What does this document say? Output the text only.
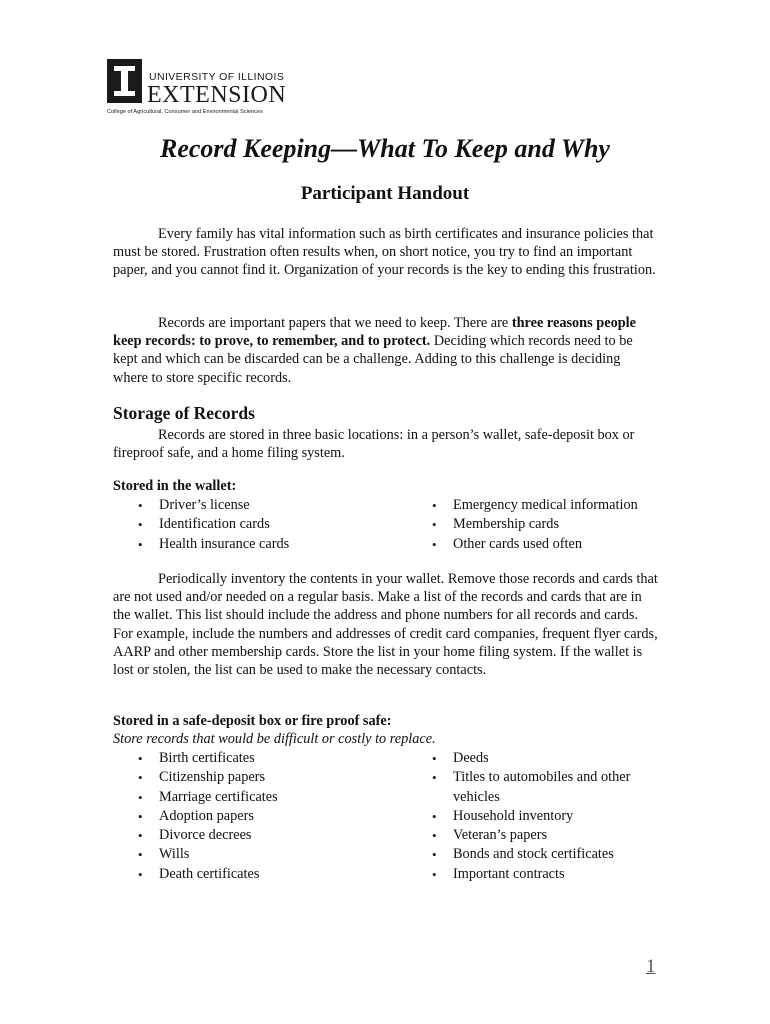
UNIVERSITY OF ILLINOIS
EXTENSION
College of Agricultural, Consumer and Environmental Sciences
Record Keeping—What To Keep and Why
Participant Handout

Every family has vital information such as birth certificates and insurance policies that must be stored. Frustration often results when, on short notice, you try to find an important paper, and you cannot find it. Organization of your records is the key to ending this frustration.

Records are important papers that we need to keep. There are three reasons people keep records: to prove, to remember, and to protect. Deciding which records need to be kept and which can be discarded can be a challenge. Adding to this challenge is deciding where to store specific records.

Storage of Records

Records are stored in three basic locations: in a person’s wallet, safe-deposit box or fireproof safe, and a home filing system.

Stored in the wallet:
• Driver’s license
• Identification cards
• Health insurance cards
• Emergency medical information
• Membership cards
• Other cards used often

Periodically inventory the contents in your wallet. Remove those records and cards that are not used and/or needed on a regular basis. Make a list of the records and cards that are in the wallet. This list should include the address and phone numbers for all records and cards. For example, include the numbers and addresses of credit card companies, frequent flyer cards, AARP and other membership cards. Store the list in your home filing system. If the wallet is lost or stolen, the list can be used to make the necessary contacts.

Stored in a safe-deposit box or fire proof safe:
Store records that would be difficult or costly to replace.
• Birth certificates
• Citizenship papers
• Marriage certificates
• Adoption papers
• Divorce decrees
• Wills
• Death certificates
• Deeds
• Titles to automobiles and other vehicles
• Household inventory
• Veteran’s papers
• Bonds and stock certificates
• Important contracts
1
